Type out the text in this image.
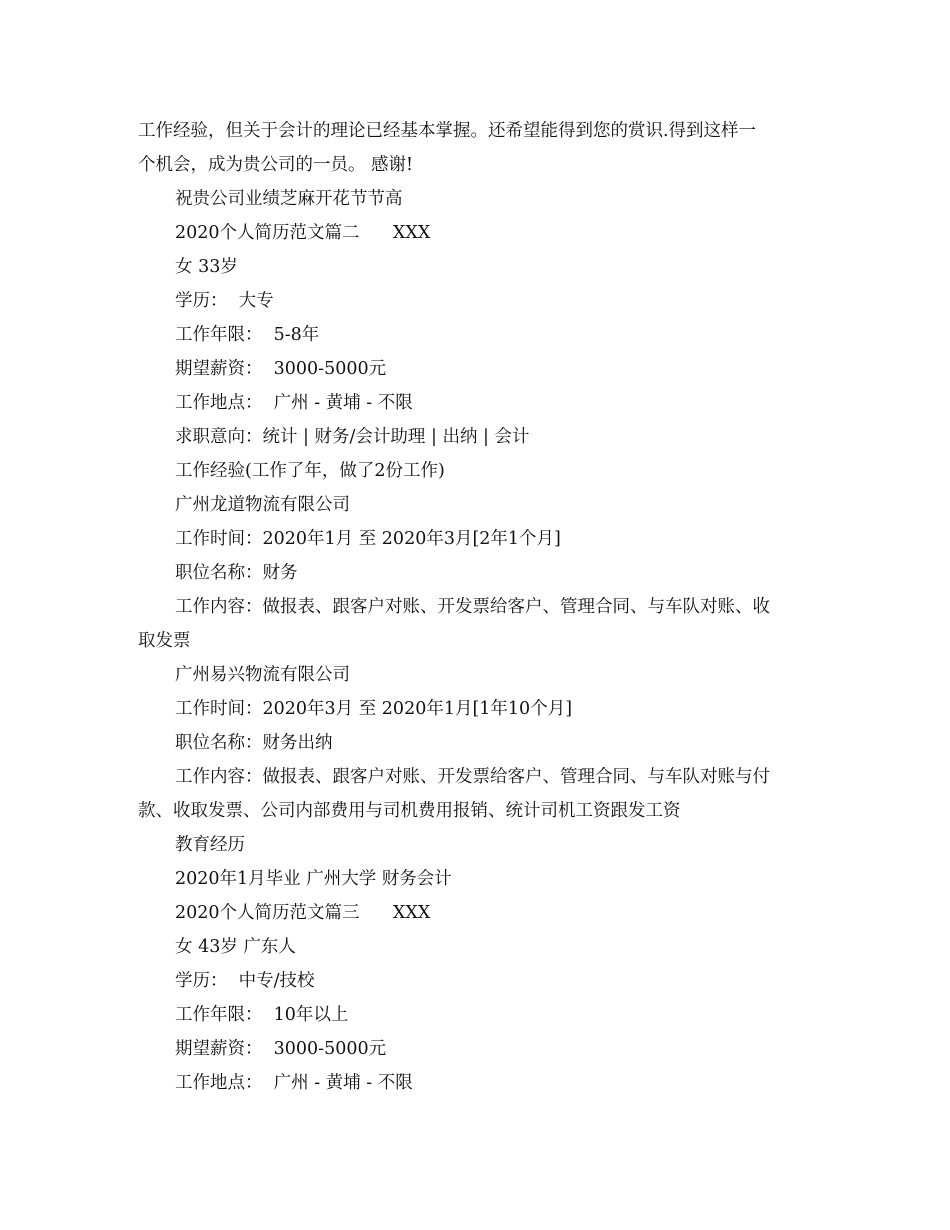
工作经验，但关于会计的理论已经基本掌握。还希望能得到您的赏识.得到这样一
个机会，成为贵公司的一员。 感谢!
祝贵公司业绩芝麻开花节节高
2020个人简历范文篇二      XXX
女 33岁
学历：  大专
工作年限：  5-8年
期望薪资：  3000-5000元
工作地点：  广州 - 黄埔 - 不限
求职意向：统计 | 财务/会计助理 | 出纳 | 会计
工作经验(工作了年，做了2份工作)
广州龙道物流有限公司
工作时间：2020年1月 至 2020年3月[2年1个月]
职位名称：财务
工作内容：做报表、跟客户对账、开发票给客户、管理合同、与车队对账、收
取发票
广州易兴物流有限公司
工作时间：2020年3月 至 2020年1月[1年10个月]
职位名称：财务出纳
工作内容：做报表、跟客户对账、开发票给客户、管理合同、与车队对账与付
款、收取发票、公司内部费用与司机费用报销、统计司机工资跟发工资
教育经历
2020年1月毕业 广州大学 财务会计
2020个人简历范文篇三      XXX
女 43岁 广东人
学历：  中专/技校
工作年限：  10年以上
期望薪资：  3000-5000元
工作地点：  广州 - 黄埔 - 不限
